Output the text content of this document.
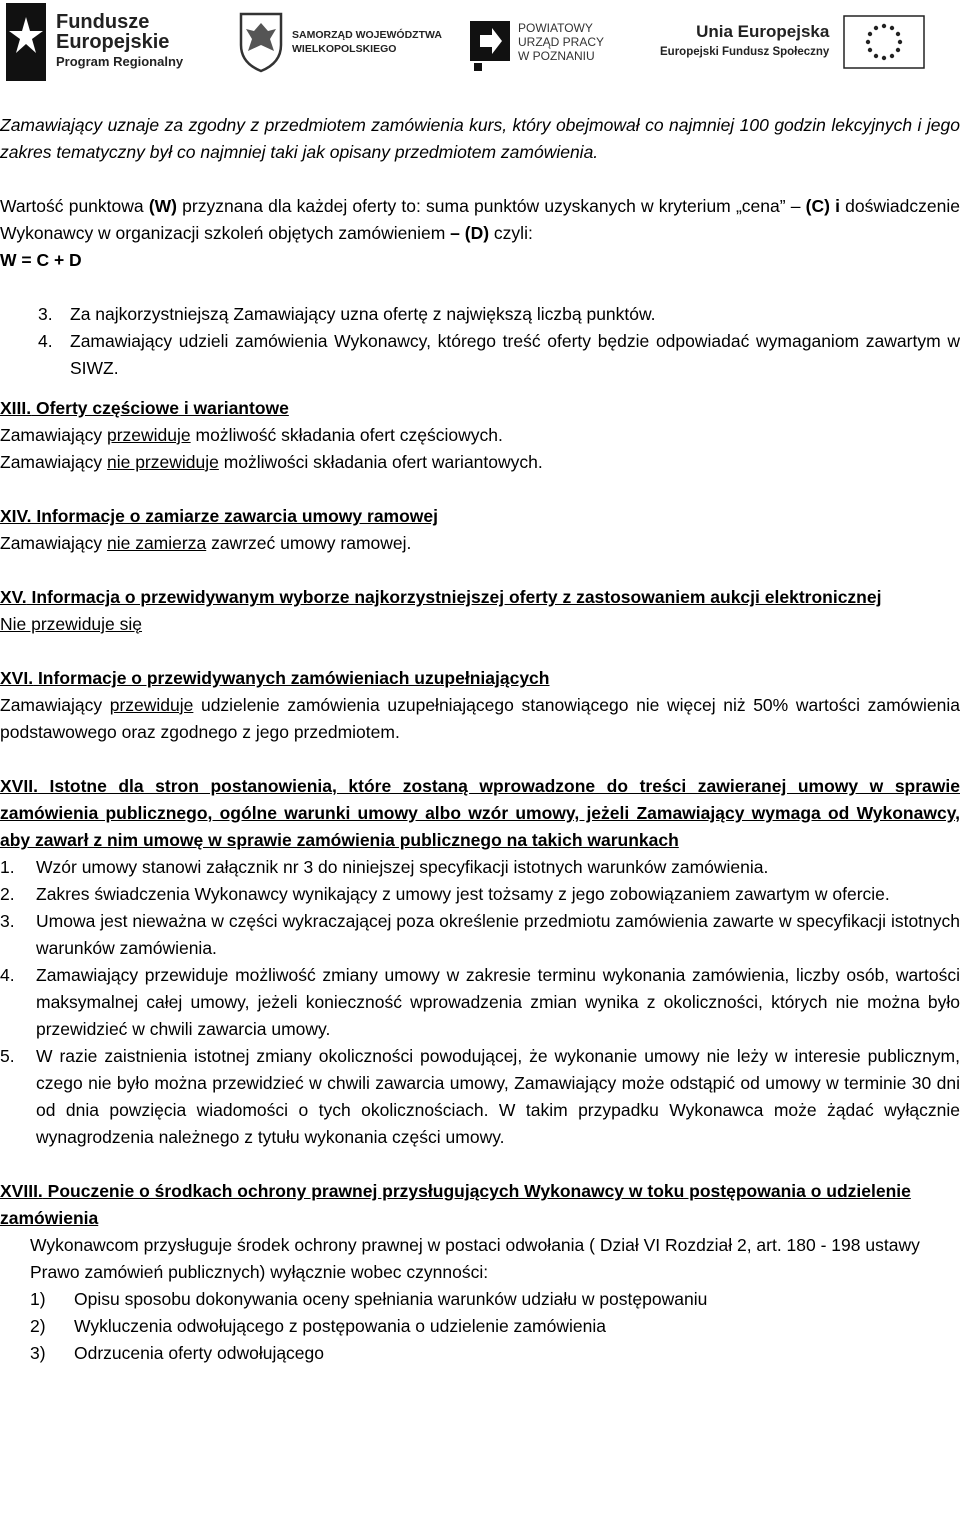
Fundusze
Europejskie
Program Regionalny
SAMORZĄD WOJEWÓDZTWA
WIELKOPOLSKIEGO
POWIATOWY
URZĄD PRACY
W POZNANIU
Unia Europejska
Europejski Fundusz Społeczny

Zamawiający uznaje za zgodny z przedmiotem zamówienia kurs, który obejmował co najmniej 100 godzin lekcyjnych i jego zakres tematyczny był co najmniej taki jak opisany przedmiotem zamówienia.

Wartość punktowa (W) przyznana dla każdej oferty to: suma punktów uzyskanych w kryterium „cena” – (C) i doświadczenie Wykonawcy w organizacji szkoleń objętych zamówieniem – (D) czyli:

W = C + D

3. Za najkorzystniejszą Zamawiający uzna ofertę z największą liczbą punktów.
4. Zamawiający udzieli zamówienia Wykonawcy, którego treść oferty będzie odpowiadać wymaganiom zawartym w SIWZ.

XIII. Oferty częściowe i wariantowe

Zamawiający przewiduje możliwość składania ofert częściowych.

Zamawiający nie przewiduje możliwości składania ofert wariantowych.

XIV. Informacje o zamiarze zawarcia umowy ramowej

Zamawiający nie zamierza zawrzeć umowy ramowej.

XV. Informacja o przewidywanym wyborze najkorzystniejszej oferty z zastosowaniem aukcji elektronicznej

Nie przewiduje się

XVI. Informacje o przewidywanych zamówieniach uzupełniających

Zamawiający przewiduje udzielenie zamówienia uzupełniającego stanowiącego nie więcej niż 50% wartości zamówienia podstawowego oraz zgodnego z jego przedmiotem.

XVII. Istotne dla stron postanowienia, które zostaną wprowadzone do treści zawieranej umowy w sprawie zamówienia publicznego, ogólne warunki umowy albo wzór umowy, jeżeli Zamawiający wymaga od Wykonawcy, aby zawarł z nim umowę w sprawie zamówienia publicznego na takich warunkach

1.	Wzór umowy stanowi załącznik nr 3 do niniejszej specyfikacji istotnych warunków zamówienia.
2.	Zakres świadczenia Wykonawcy wynikający z umowy jest tożsamy z jego zobowiązaniem zawartym w ofercie.
3.	Umowa jest nieważna w części wykraczającej poza określenie przedmiotu zamówienia zawarte w specyfikacji istotnych warunków zamówienia.
4.	Zamawiający przewiduje możliwość zmiany umowy w zakresie terminu wykonania zamówienia, liczby osób, wartości maksymalnej całej umowy, jeżeli konieczność wprowadzenia zmian wynika z okoliczności, których nie można było przewidzieć w chwili zawarcia umowy.
5.	W razie zaistnienia istotnej zmiany okoliczności powodującej, że wykonanie umowy nie leży w interesie publicznym, czego nie było można przewidzieć w chwili zawarcia umowy, Zamawiający może odstąpić od umowy w terminie 30 dni od dnia powzięcia wiadomości o tych okolicznościach. W takim przypadku Wykonawca może żądać wyłącznie wynagrodzenia należnego z tytułu wykonania części umowy.

XVIII. Pouczenie o środkach ochrony prawnej przysługujących Wykonawcy w toku postępowania o udzielenie zamówienia

Wykonawcom przysługuje środek ochrony prawnej w postaci odwołania ( Dział VI Rozdział 2, art. 180 - 198 ustawy Prawo zamówień publicznych) wyłącznie wobec czynności:

1)	Opisu sposobu dokonywania oceny spełniania warunków udziału w postępowaniu
2)	Wykluczenia odwołującego z postępowania o udzielenie zamówienia
3)	Odrzucenia oferty odwołującego
